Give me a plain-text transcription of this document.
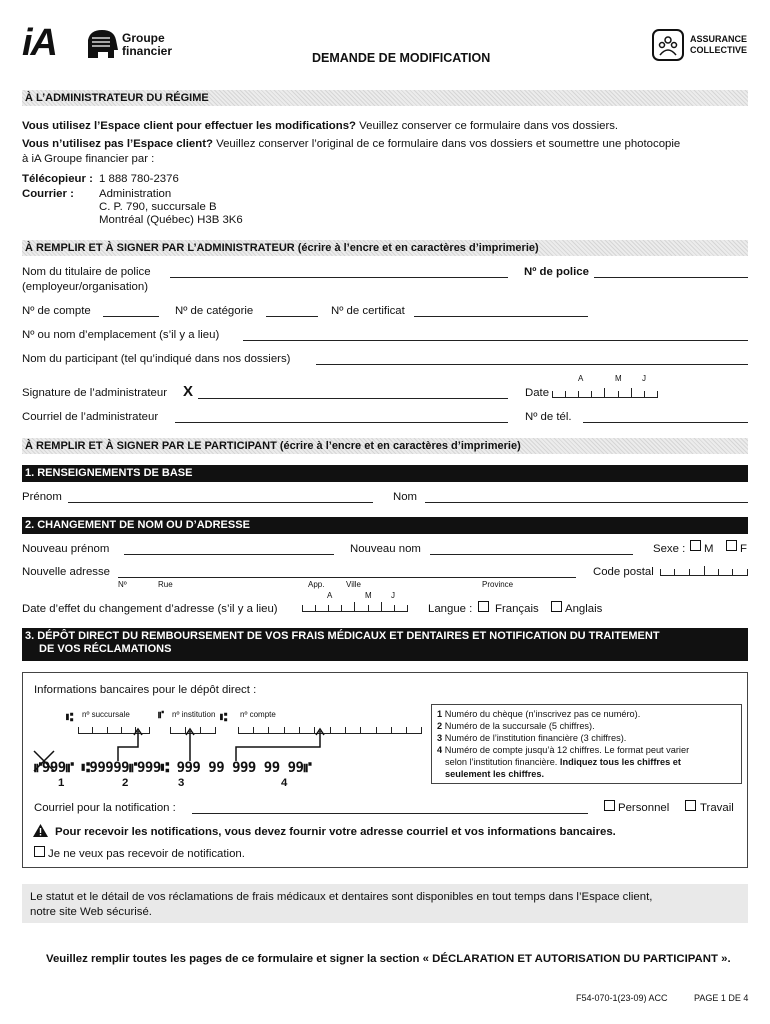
iA	Groupe
financier	DEMANDE DE MODIFICATION
ASSURANCE
COLLECTIVE
À L’ADMINISTRATEUR DU RÉGIME
Vous utilisez l’Espace client pour effectuer les modifications? Veuillez conserver ce formulaire dans vos dossiers.
Vous n’utilisez pas l’Espace client? Veuillez conserver l’original de ce formulaire dans vos dossiers et soumettre une photocopie
à iA Groupe financier par :
Télécopieur : 1 888 780-2376
Courrier : Administration
C. P. 790, succursale B
Montréal (Québec) H3B 3K6
À REMPLIR ET À SIGNER PAR L’ADMINISTRATEUR (écrire à l’encre et en caractères d’imprimerie)
Nom du titulaire de police
(employeur/organisation)
Nº de police
Nº de compte	Nº de catégorie	Nº de certificat
Nº ou nom d’emplacement (s’il y a lieu)
Nom du participant (tel qu’indiqué dans nos dossiers)
Signature de l’administrateur X	Date
A	M	J
Courriel de l’administrateur	Nº de tél.
À REMPLIR ET À SIGNER PAR LE PARTICIPANT (écrire à l’encre et en caractères d’imprimerie)
1. RENSEIGNEMENTS DE BASE
Prénom	Nom
2. CHANGEMENT DE NOM OU D’ADRESSE
Nouveau prénom	Nouveau nom	Sexe : M F
Nouvelle adresse	Code postal
Nº	Rue	App.	Ville	Province
Date d’effet du changement d’adresse (s’il y a lieu)
A	M J
Langue : Français Anglais
3. DÉPÔT DIRECT DU REMBOURSEMENT DE VOS FRAIS MÉDICAUX ET DENTAIRES ET NOTIFICATION DU TRAITEMENT
DE VOS RÉCLAMATIONS
Informations bancaires pour le dépôt direct :
nº succursale	nº institution	nº compte
⑆	⑈	⑆
⑈999⑈ ⑆99999⑈999⑆ 999 99 999 99 99⑈
1	2	3	4
1 Numéro du chèque (n’inscrivez pas ce numéro).
2 Numéro de la succursale (5 chiffres).
3 Numéro de l’institution financière (3 chiffres).
4 Numéro de compte jusqu’à 12 chiffres. Le format peut varier
selon l’institution financière. Indiquez tous les chiffres et
seulement les chiffres.
Courriel pour la notification :	Personnel	Travail
Pour recevoir les notifications, vous devez fournir votre adresse courriel et vos informations bancaires.
Je ne veux pas recevoir de notification.
Le statut et le détail de vos réclamations de frais médicaux et dentaires sont disponibles en tout temps dans l’Espace client,
notre site Web sécurisé.
Veuillez remplir toutes les pages de ce formulaire et signer la section « DÉCLARATION ET AUTORISATION DU PARTICIPANT ».
F54-070-1(23-09) ACC	PAGE 1 DE 4
